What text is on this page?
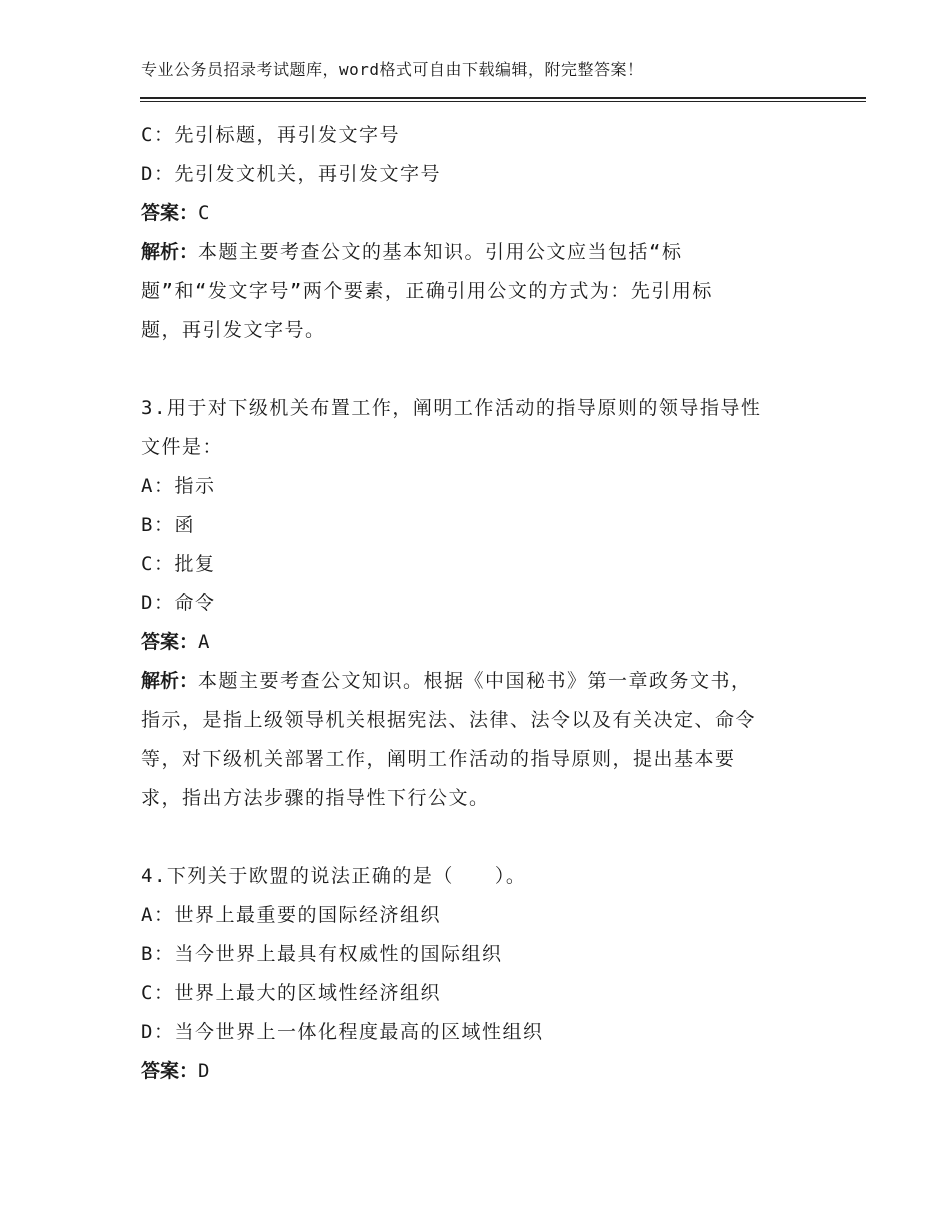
专业公务员招录考试题库，word格式可自由下载编辑，附完整答案！
C：先引标题，再引发文字号
D：先引发文机关，再引发文字号
答案：C
解析：本题主要考查公文的基本知识。引用公文应当包括“标
题”和“发文字号”两个要素，正确引用公文的方式为：先引用标
题，再引发文字号。
3.用于对下级机关布置工作，阐明工作活动的指导原则的领导指导性
文件是：
A：指示
B：函
C：批复
D：命令
答案：A
解析：本题主要考查公文知识。根据《中国秘书》第一章政务文书，
指示，是指上级领导机关根据宪法、法律、法令以及有关决定、命令
等，对下级机关部署工作，阐明工作活动的指导原则，提出基本要
求，指出方法步骤的指导性下行公文。
4.下列关于欧盟的说法正确的是（　　）。
A：世界上最重要的国际经济组织
B：当今世界上最具有权威性的国际组织
C：世界上最大的区域性经济组织
D：当今世界上一体化程度最高的区域性组织
答案：D
